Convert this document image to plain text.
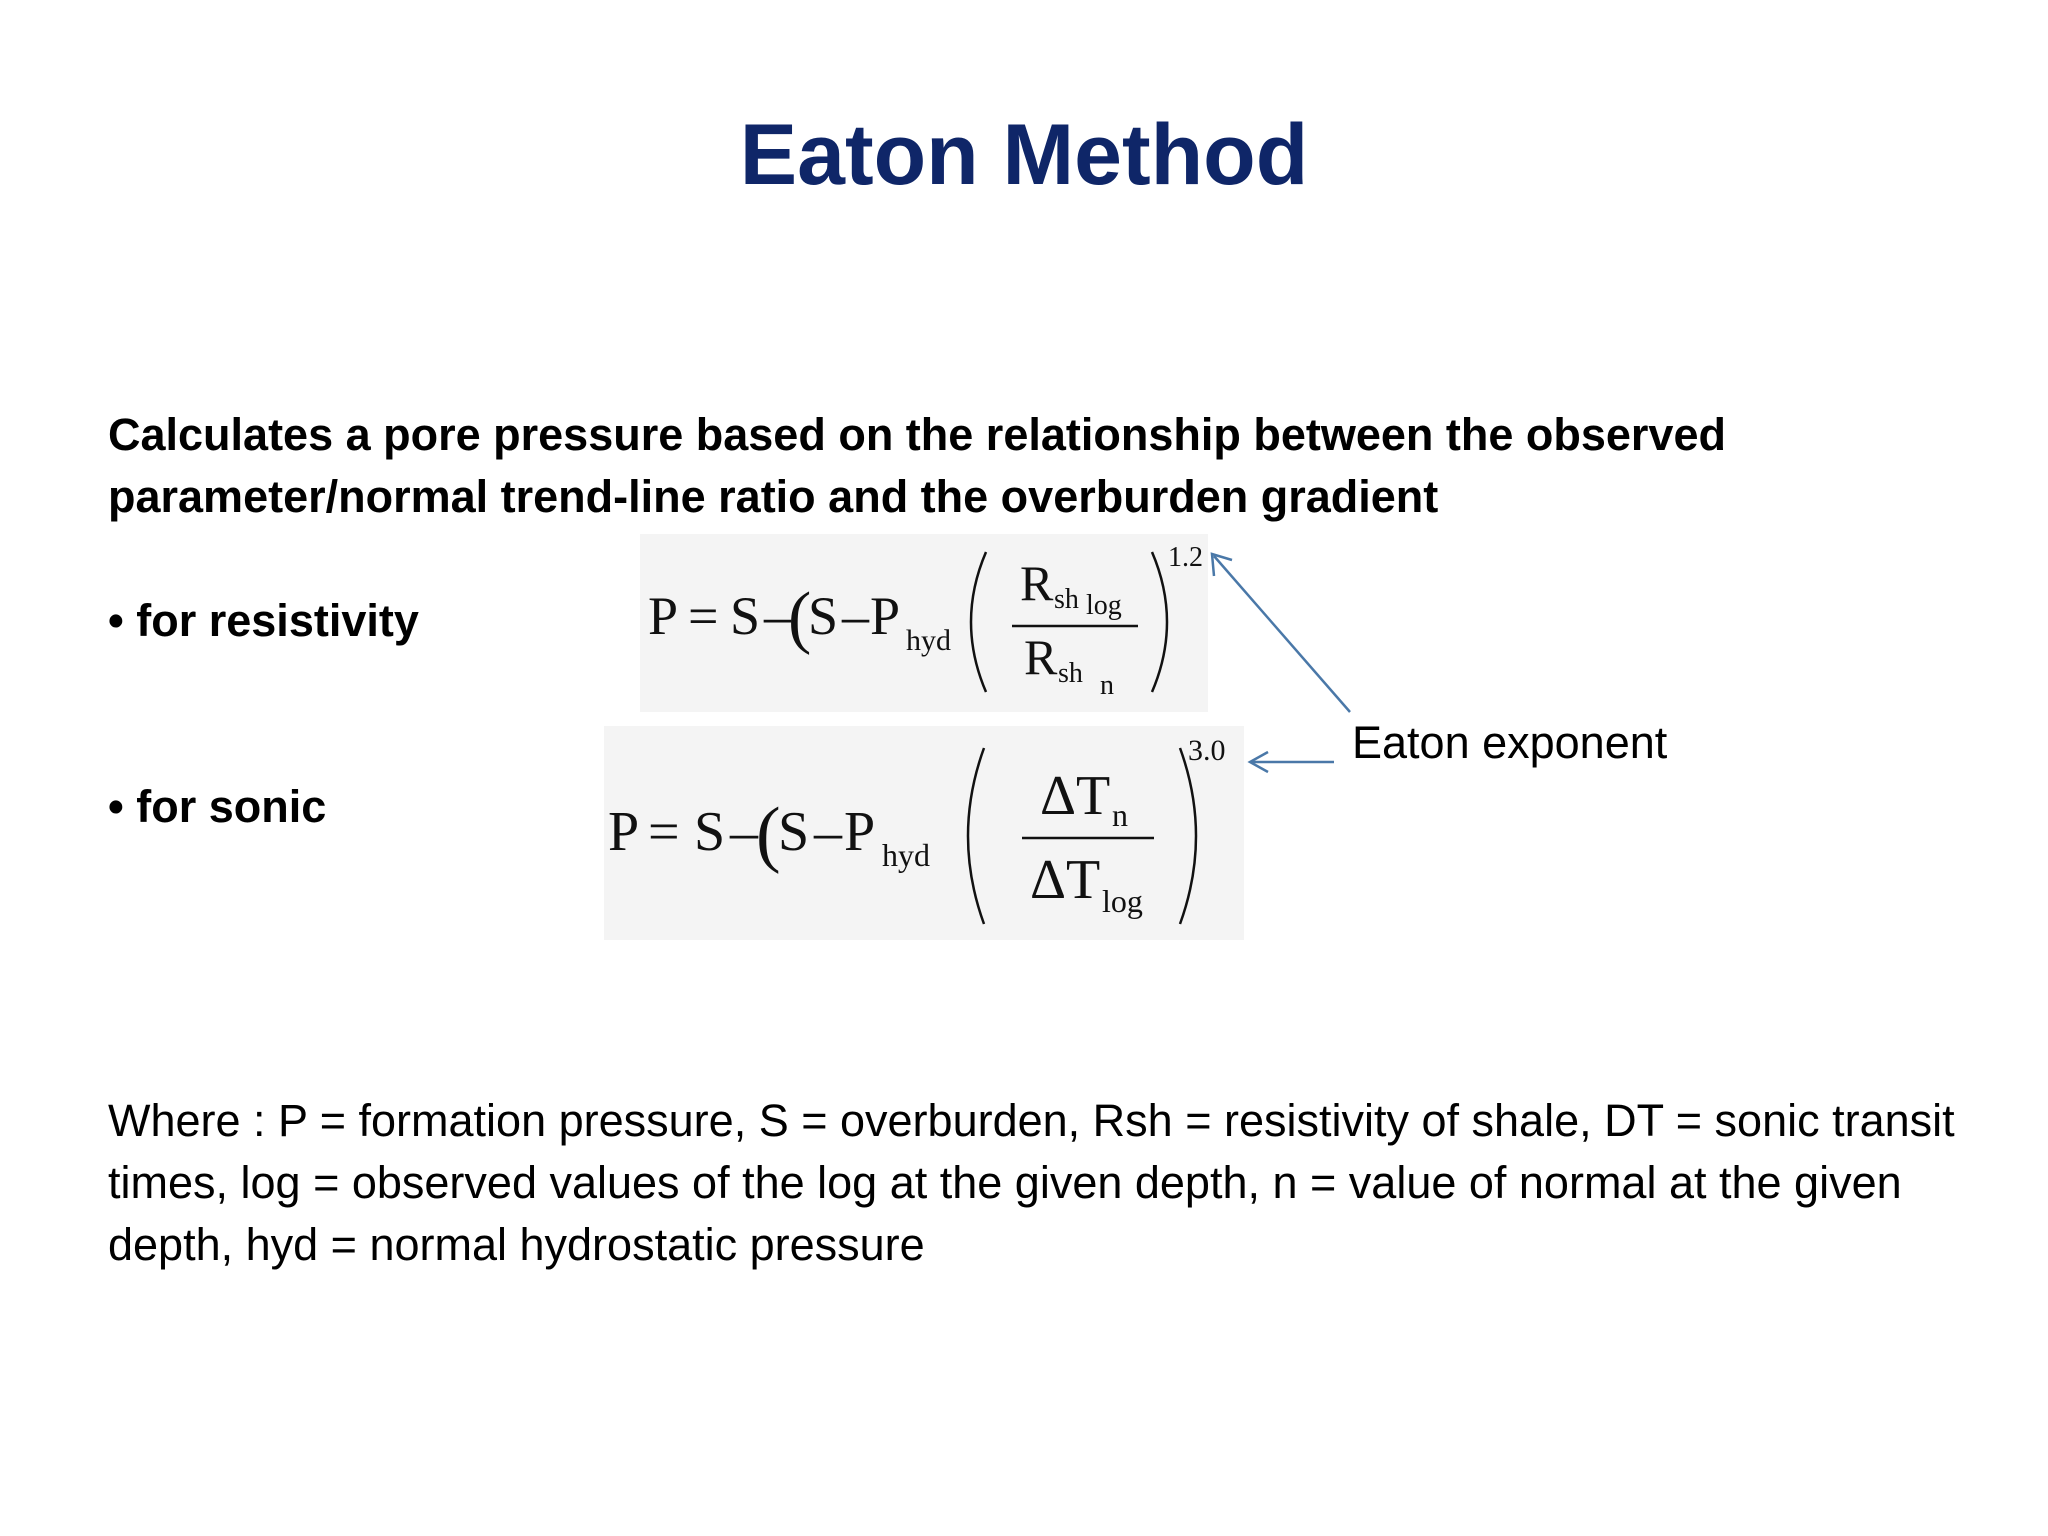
Eaton Method
Calculates a pore pressure based on the relationship between the observed parameter/normal trend-line ratio and the overburden gradient
• for resistivity
• for sonic
P = S –
(
S – P hyd
R sh log
R sh n
1.2
P = S –
(
S – P hyd
ΔT n
ΔT log
3.0	Eaton exponent
Where : P = formation pressure, S = overburden, Rsh = resistivity of shale, DT = sonic transit times, log = observed values of the log at the given depth, n = value of normal at the given depth, hyd = normal hydrostatic pressure
